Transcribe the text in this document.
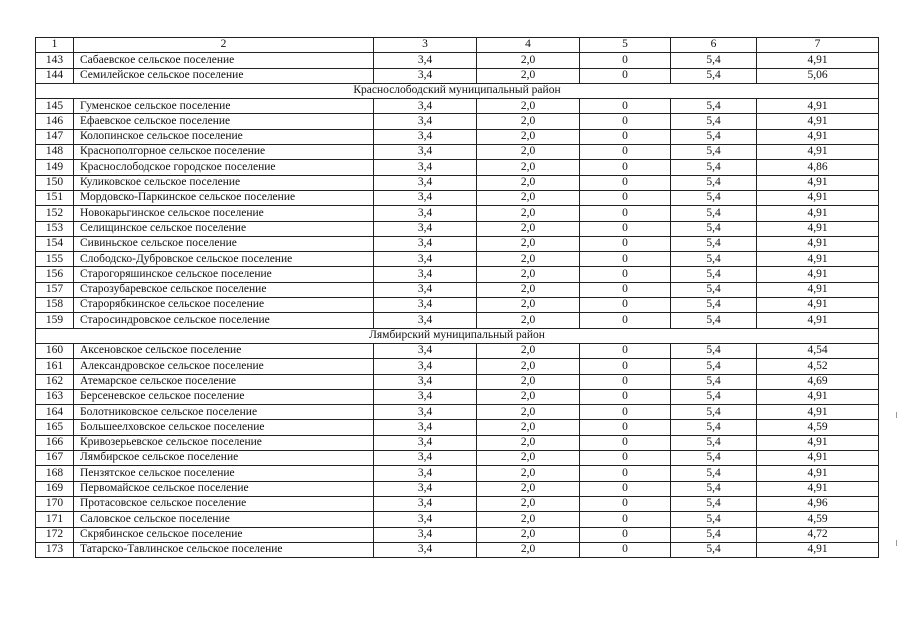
1	2	3	4	5	6	7
143	Сабаевское сельское поселение	3,4	2,0	0	5,4	4,91
144	Семилейское сельское поселение	3,4	2,0	0	5,4	5,06
Краснослободский муниципальный район						
145	Гуменское сельское поселение	3,4	2,0	0	5,4	4,91
146	Ефаевское сельское поселение	3,4	2,0	0	5,4	4,91
147	Колопинское сельское поселение	3,4	2,0	0	5,4	4,91
148	Краснополгорное сельское поселение	3,4	2,0	0	5,4	4,91
149	Краснослободское городское поселение	3,4	2,0	0	5,4	4,86
150	Куликовское сельское поселение	3,4	2,0	0	5,4	4,91
151	Мордовско-Паркинское сельское поселение	3,4	2,0	0	5,4	4,91
152	Новокарьгинское сельское поселение	3,4	2,0	0	5,4	4,91
153	Селищинское сельское поселение	3,4	2,0	0	5,4	4,91
154	Сивиньское сельское поселение	3,4	2,0	0	5,4	4,91
155	Слободско-Дубровское сельское поселение	3,4	2,0	0	5,4	4,91
156	Старогоряшинское сельское поселение	3,4	2,0	0	5,4	4,91
157	Старозубаревское сельское поселение	3,4	2,0	0	5,4	4,91
158	Старорябкинское сельское поселение	3,4	2,0	0	5,4	4,91
159	Старосиндровское сельское поселение	3,4	2,0	0	5,4	4,91
Лямбирский муниципальный район						
160	Аксеновское сельское поселение	3,4	2,0	0	5,4	4,54
161	Александровское сельское поселение	3,4	2,0	0	5,4	4,52
162	Атемарское сельское поселение	3,4	2,0	0	5,4	4,69
163	Берсеневское сельское поселение	3,4	2,0	0	5,4	4,91
164	Болотниковское сельское поселение	3,4	2,0	0	5,4	4,91
165	Большеелховское сельское поселение	3,4	2,0	0	5,4	4,59
166	Кривозерьевское сельское поселение	3,4	2,0	0	5,4	4,91
167	Лямбирское сельское поселение	3,4	2,0	0	5,4	4,91
168	Пензятское сельское поселение	3,4	2,0	0	5,4	4,91
169	Первомайское сельское поселение	3,4	2,0	0	5,4	4,91
170	Протасовское сельское поселение	3,4	2,0	0	5,4	4,96
171	Саловское сельское поселение	3,4	2,0	0	5,4	4,59
172	Скрябинское сельское поселение	3,4	2,0	0	5,4	4,72
173	Татарско-Тавлинское сельское поселение	3,4	2,0	0	5,4	4,91
